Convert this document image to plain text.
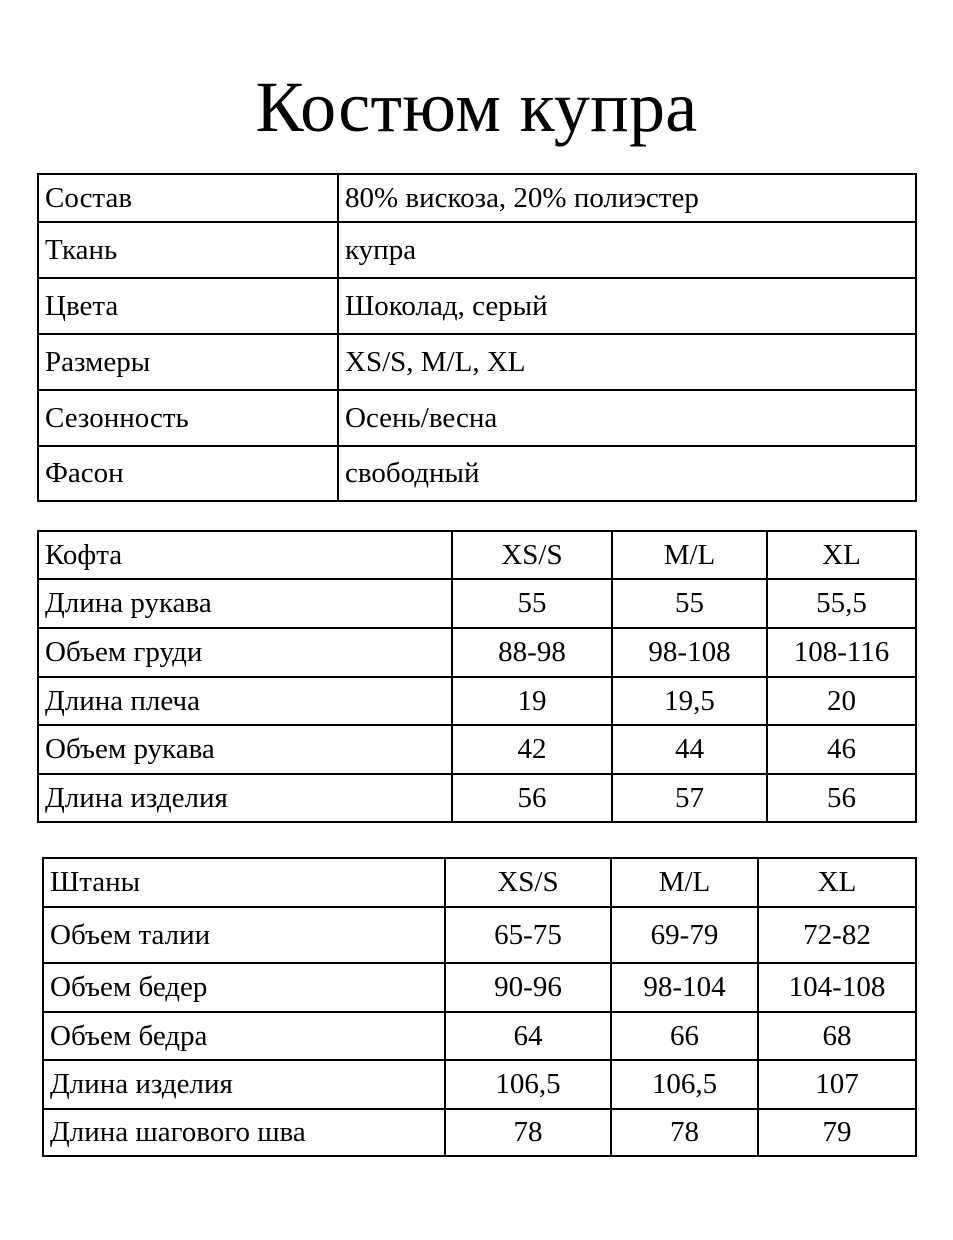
Костюм купра
Состав	80% вискоза, 20% полиэстер
Ткань	купра
Цвета	Шоколад, серый
Размеры	XS/S, M/L, XL
Сезонность	Осень/весна
Фасон	свободный
Кофта	XS/S	M/L	XL
Длина рукава	55	55	55,5
Объем груди	88-98	98-108	108-116
Длина плеча	19	19,5	20
Объем рукава	42	44	46
Длина изделия	56	57	56
Штаны	XS/S	M/L	XL
Объем талии	65-75	69-79	72-82
Объем бедер	90-96	98-104	104-108
Объем бедра	64	66	68
Длина изделия	106,5	106,5	107
Длина шагового шва	78	78	79
